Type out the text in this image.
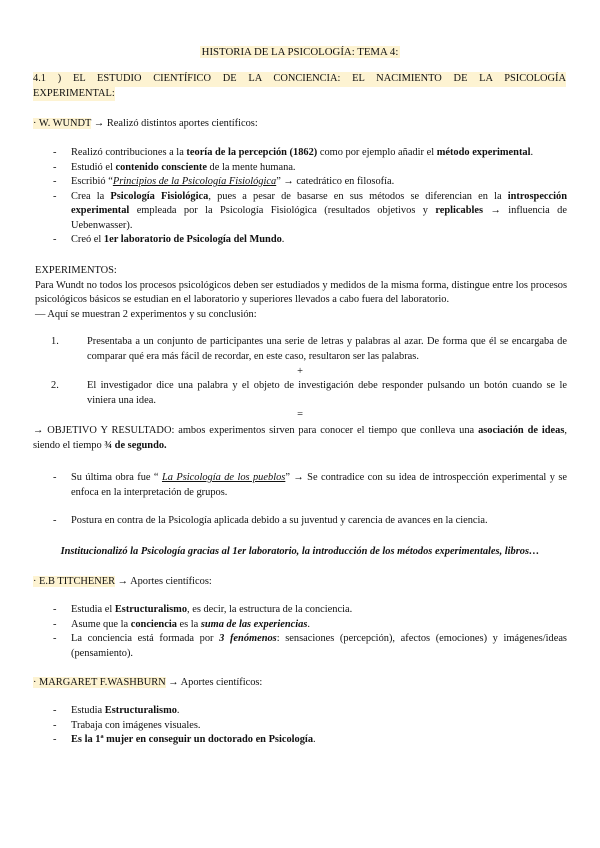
HISTORIA DE LA PSICOLOGÍA: TEMA 4:
4.1 ) EL ESTUDIO CIENTÍFICO DE LA CONCIENCIA: EL NACIMIENTO DE LA PSICOLOGÍA
EXPERIMENTAL:
· W. WUNDT → Realizó distintos aportes científicos:
- Realizó contribuciones a la teoría de la percepción (1862) como por ejemplo añadir el método experimental.
- Estudió el contenido consciente de la mente humana.
- Escribió “Principios de la Psicología Fisiológica” → catedrático en filosofía.
- Crea la Psicología Fisiológica, pues a pesar de basarse en sus métodos se diferencian en la introspección experimental empleada por la Psicología Fisiológica (resultados objetivos y replicables → influencia de Uebenwasser).
- Creó el 1er laboratorio de Psicología del Mundo.
EXPERIMENTOS:
Para Wundt no todos los procesos psicológicos deben ser estudiados y medidos de la misma forma, distingue entre los procesos psicológicos básicos se estudian en el laboratorio y superiores llevados a cabo fuera del laboratorio.
— Aquí se muestran 2 experimentos y su conclusión:
1.	Presentaba a un conjunto de participantes una serie de letras y palabras al azar. De forma que él se encargaba de comparar qué era más fácil de recordar, en este caso, resultaron ser las palabras.
+
2.	El investigador dice una palabra y el objeto de investigación debe responder pulsando un botón cuando se le viniera una idea.
=
→ OBJETIVO Y RESULTADO: ambos experimentos sirven para conocer el tiempo que conlleva una asociación de ideas, siendo el tiempo ¾ de segundo.
- Su última obra fue “ La Psicología de los pueblos” → Se contradice con su idea de introspección experimental y se enfoca en la interpretación de grupos.
- Postura en contra de la Psicología aplicada debido a su juventud y carencia de avances en la ciencia.
Institucionalizó la Psicología gracias al 1er laboratorio, la introducción de los métodos experimentales, libros…
· E.B TITCHENER → Aportes científicos:
- Estudia el Estructuralismo, es decir, la estructura de la conciencia.
- Asume que la conciencia es la suma de las experiencias.
- La conciencia está formada por 3 fenómenos: sensaciones (percepción), afectos (emociones) y imágenes/ideas (pensamiento).
· MARGARET F.WASHBURN → Aportes científicos:
- Estudia Estructuralismo.
- Trabaja con imágenes visuales.
- Es la 1ª mujer en conseguir un doctorado en Psicología.
